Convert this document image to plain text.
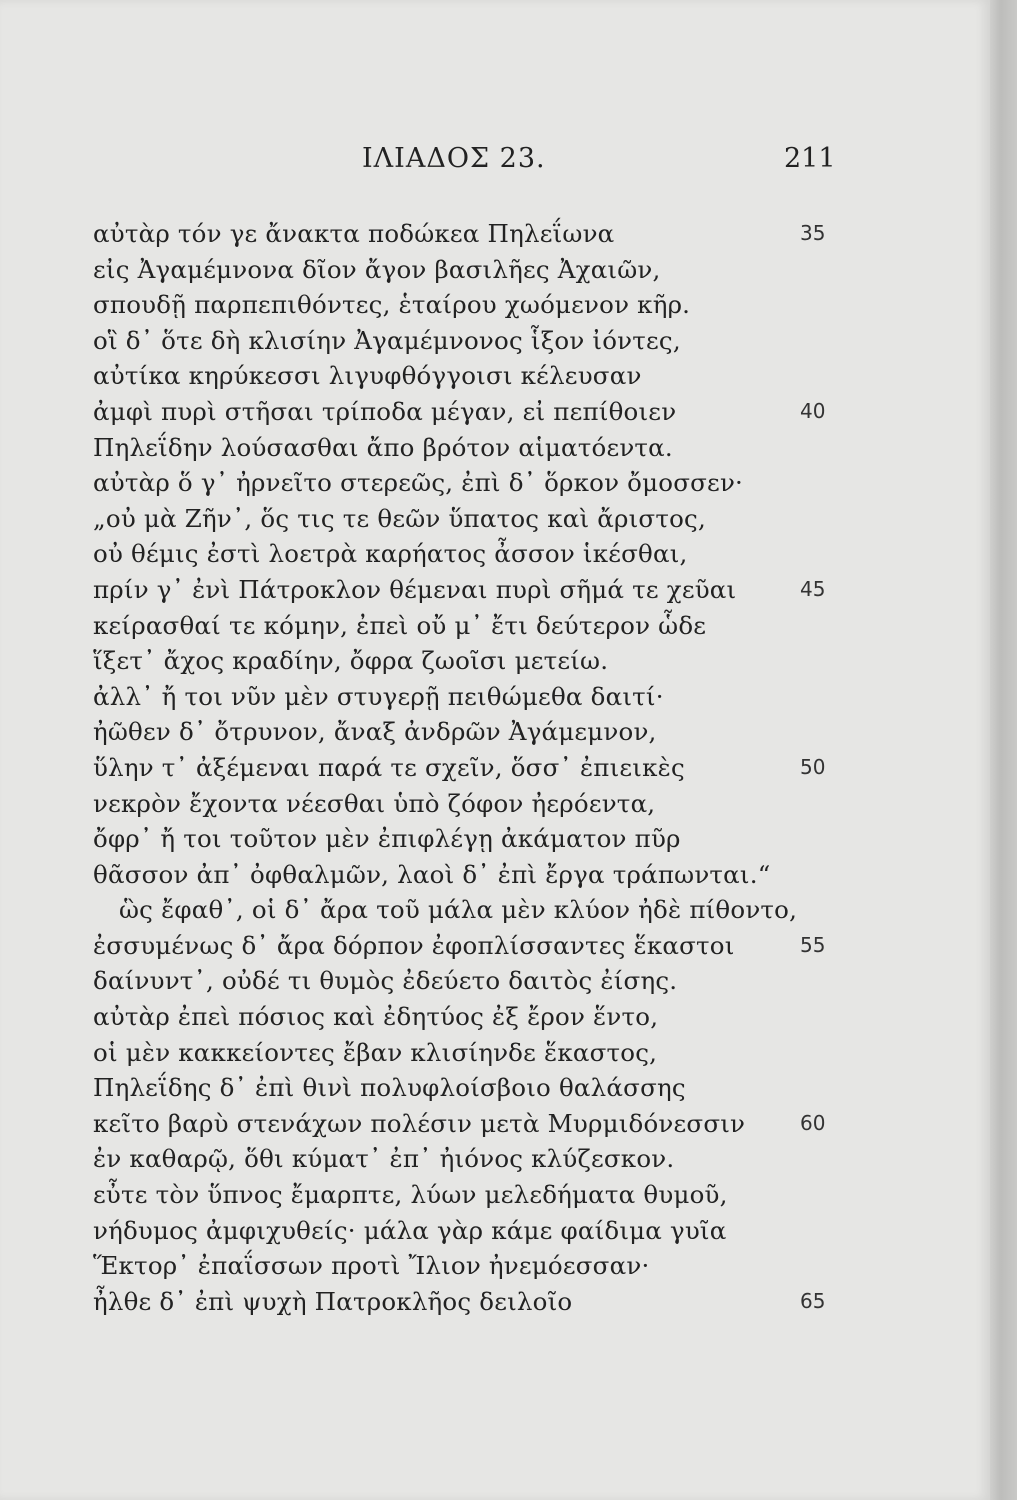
ΙΛΙΑΔΟΣ 23.	211
αὐτὰρ τόν γε ἄνακτα ποδώκεα Πηλεΐωνα	35
εἰς Ἀγαμέμνονα δῖον ἄγον βασιλῆες Ἀχαιῶν,
σπουδῇ παρπεπιθόντες, ἑταίρου χωόμενον κῆρ.
οἳ δ᾽ ὅτε δὴ κλισίην Ἀγαμέμνονος ἷξον ἰόντες,
αὐτίκα κηρύκεσσι λιγυφθόγγοισι κέλευσαν
ἀμφὶ πυρὶ στῆσαι τρίποδα μέγαν, εἰ πεπίθοιεν	40
Πηλεΐδην λούσασθαι ἄπο βρότον αἱματόεντα.
αὐτὰρ ὅ γ᾽ ἠρνεῖτο στερεῶς, ἐπὶ δ᾽ ὅρκον ὄμοσσεν·
„οὐ μὰ Ζῆν᾽, ὅς τις τε θεῶν ὕπατος καὶ ἄριστος,
οὐ θέμις ἐστὶ λοετρὰ καρήατος ἆσσον ἱκέσθαι,
πρίν γ᾽ ἐνὶ Πάτροκλον θέμεναι πυρὶ σῆμά τε χεῦαι	45
κείρασθαί τε κόμην, ἐπεὶ οὔ μ᾽ ἔτι δεύτερον ὧδε
ἵξετ᾽ ἄχος κραδίην, ὄφρα ζωοῖσι μετείω.
ἀλλ᾽ ἤ τοι νῦν μὲν στυγερῇ πειθώμεθα δαιτί·
ἠῶθεν δ᾽ ὄτρυνον, ἄναξ ἀνδρῶν Ἀγάμεμνον,
ὕλην τ᾽ ἀξέμεναι παρά τε σχεῖν, ὅσσ᾽ ἐπιεικὲς	50
νεκρὸν ἔχοντα νέεσθαι ὑπὸ ζόφον ἠερόεντα,
ὄφρ᾽ ἤ τοι τοῦτον μὲν ἐπιφλέγῃ ἀκάματον πῦρ
θᾶσσον ἀπ᾽ ὀφθαλμῶν, λαοὶ δ᾽ ἐπὶ ἔργα τράπωνται.“
ὣς ἔφαθ᾽, οἱ δ᾽ ἄρα τοῦ μάλα μὲν κλύον ἠδὲ πίθοντο,
ἐσσυμένως δ᾽ ἄρα δόρπον ἐφοπλίσσαντες ἕκαστοι	55
δαίνυντ᾽, οὐδέ τι θυμὸς ἐδεύετο δαιτὸς ἐίσης.
αὐτὰρ ἐπεὶ πόσιος καὶ ἐδητύος ἐξ ἔρον ἕντο,
οἱ μὲν κακκείοντες ἔβαν κλισίηνδε ἕκαστος,
Πηλεΐδης δ᾽ ἐπὶ θινὶ πολυφλοίσβοιο θαλάσσης
κεῖτο βαρὺ στενάχων πολέσιν μετὰ Μυρμιδόνεσσιν	60
ἐν καθαρῷ, ὅθι κύματ᾽ ἐπ᾽ ἠιόνος κλύζεσκον.
εὖτε τὸν ὕπνος ἔμαρπτε, λύων μελεδήματα θυμοῦ,
νήδυμος ἀμφιχυθείς· μάλα γὰρ κάμε φαίδιμα γυῖα
Ἕκτορ᾽ ἐπαΐσσων προτὶ Ἴλιον ἠνεμόεσσαν·
ἦλθε δ᾽ ἐπὶ ψυχὴ Πατροκλῆος δειλοῖο	65
